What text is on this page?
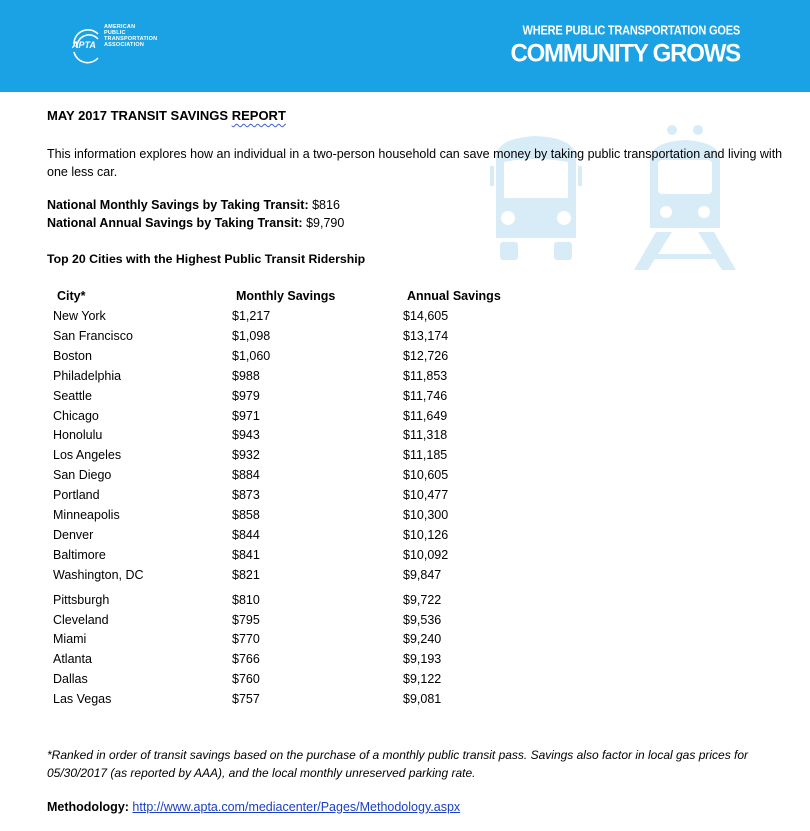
APTA
AMERICAN
PUBLIC
TRANSPORTATION
ASSOCIATION
WHERE PUBLIC TRANSPORTATION GOES
COMMUNITY GROWS
MAY 2017 TRANSIT SAVINGS REPORT
This information explores how an individual in a two-person household can save money by taking public transportation and living with one less car.
National Monthly Savings by Taking Transit: $816
National Annual Savings by Taking Transit: $9,790
Top 20 Cities with the Highest Public Transit Ridership
City*	Monthly Savings	Annual Savings
New York	$1,217	$14,605
San Francisco	$1,098	$13,174
Boston	$1,060	$12,726
Philadelphia	$988	$11,853
Seattle	$979	$11,746
Chicago	$971	$11,649
Honolulu	$943	$11,318
Los Angeles	$932	$11,185
San Diego	$884	$10,605
Portland	$873	$10,477
Minneapolis	$858	$10,300
Denver	$844	$10,126
Baltimore	$841	$10,092
Washington, DC	$821	$9,847
Pittsburgh	$810	$9,722
Cleveland	$795	$9,536
Miami	$770	$9,240
Atlanta	$766	$9,193
Dallas	$760	$9,122
Las Vegas	$757	$9,081
*Ranked in order of transit savings based on the purchase of a monthly public transit pass. Savings also factor in local gas prices for 05/30/2017 (as reported by AAA), and the local monthly unreserved parking rate.
Methodology: http://www.apta.com/mediacenter/Pages/Methodology.aspx
